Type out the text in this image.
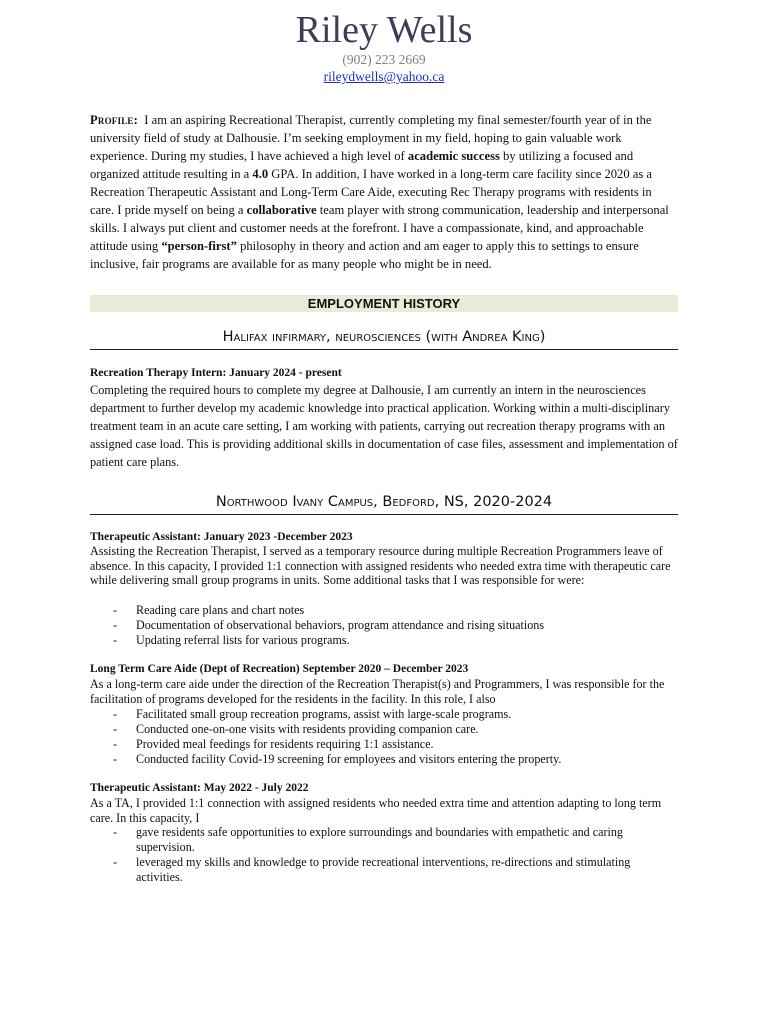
Riley Wells
(902) 223 2669
rileydwells@yahoo.ca

Profile: I am an aspiring Recreational Therapist, currently completing my final semester/fourth year of in the university field of study at Dalhousie. I’m seeking employment in my field, hoping to gain valuable work experience. During my studies, I have achieved a high level of academic success by utilizing a focused and organized attitude resulting in a 4.0 GPA. In addition, I have worked in a long-term care facility since 2020 as a Recreation Therapeutic Assistant and Long-Term Care Aide, executing Rec Therapy programs with residents in care. I pride myself on being a collaborative team player with strong communication, leadership and interpersonal skills. I always put client and customer needs at the forefront. I have a compassionate, kind, and approachable attitude using “person-first” philosophy in theory and action and am eager to apply this to settings to ensure inclusive, fair programs are available for as many people who might be in need.

EMPLOYMENT HISTORY
Halifax infirmary, neurosciences (with Andrea King)
Recreation Therapy Intern: January 2024 - present

Completing the required hours to complete my degree at Dalhousie, I am currently an intern in the neurosciences department to further develop my academic knowledge into practical application. Working within a multi-disciplinary treatment team in an acute care setting, I am working with patients, carrying out recreation therapy programs with an assigned case load. This is providing additional skills in documentation of case files, assessment and implementation of patient care plans.

Northwood Ivany Campus, Bedford, NS, 2020-2024
Therapeutic Assistant: January 2023 -December 2023

Assisting the Recreation Therapist, I served as a temporary resource during multiple Recreation Programmers leave of absence. In this capacity, I provided 1:1 connection with assigned residents who needed extra time with therapeutic care while delivering small group programs in units. Some additional tasks that I was responsible for were:

- Reading care plans and chart notes
- Documentation of observational behaviors, program attendance and rising situations
- Updating referral lists for various programs.
Long Term Care Aide (Dept of Recreation) September 2020 – December 2023

As a long-term care aide under the direction of the Recreation Therapist(s) and Programmers, I was responsible for the facilitation of programs developed for the residents in the facility. In this role, I also

- Facilitated small group recreation programs, assist with large-scale programs.
- Conducted one-on-one visits with residents providing companion care.
- Provided meal feedings for residents requiring 1:1 assistance.
- Conducted facility Covid-19 screening for employees and visitors entering the property.
Therapeutic Assistant: May 2022 - July 2022

As a TA, I provided 1:1 connection with assigned residents who needed extra time and attention adapting to long term care. In this capacity, I

- gave residents safe opportunities to explore surroundings and boundaries with empathetic and caring supervision.
- leveraged my skills and knowledge to provide recreational interventions, re-directions and stimulating activities.
